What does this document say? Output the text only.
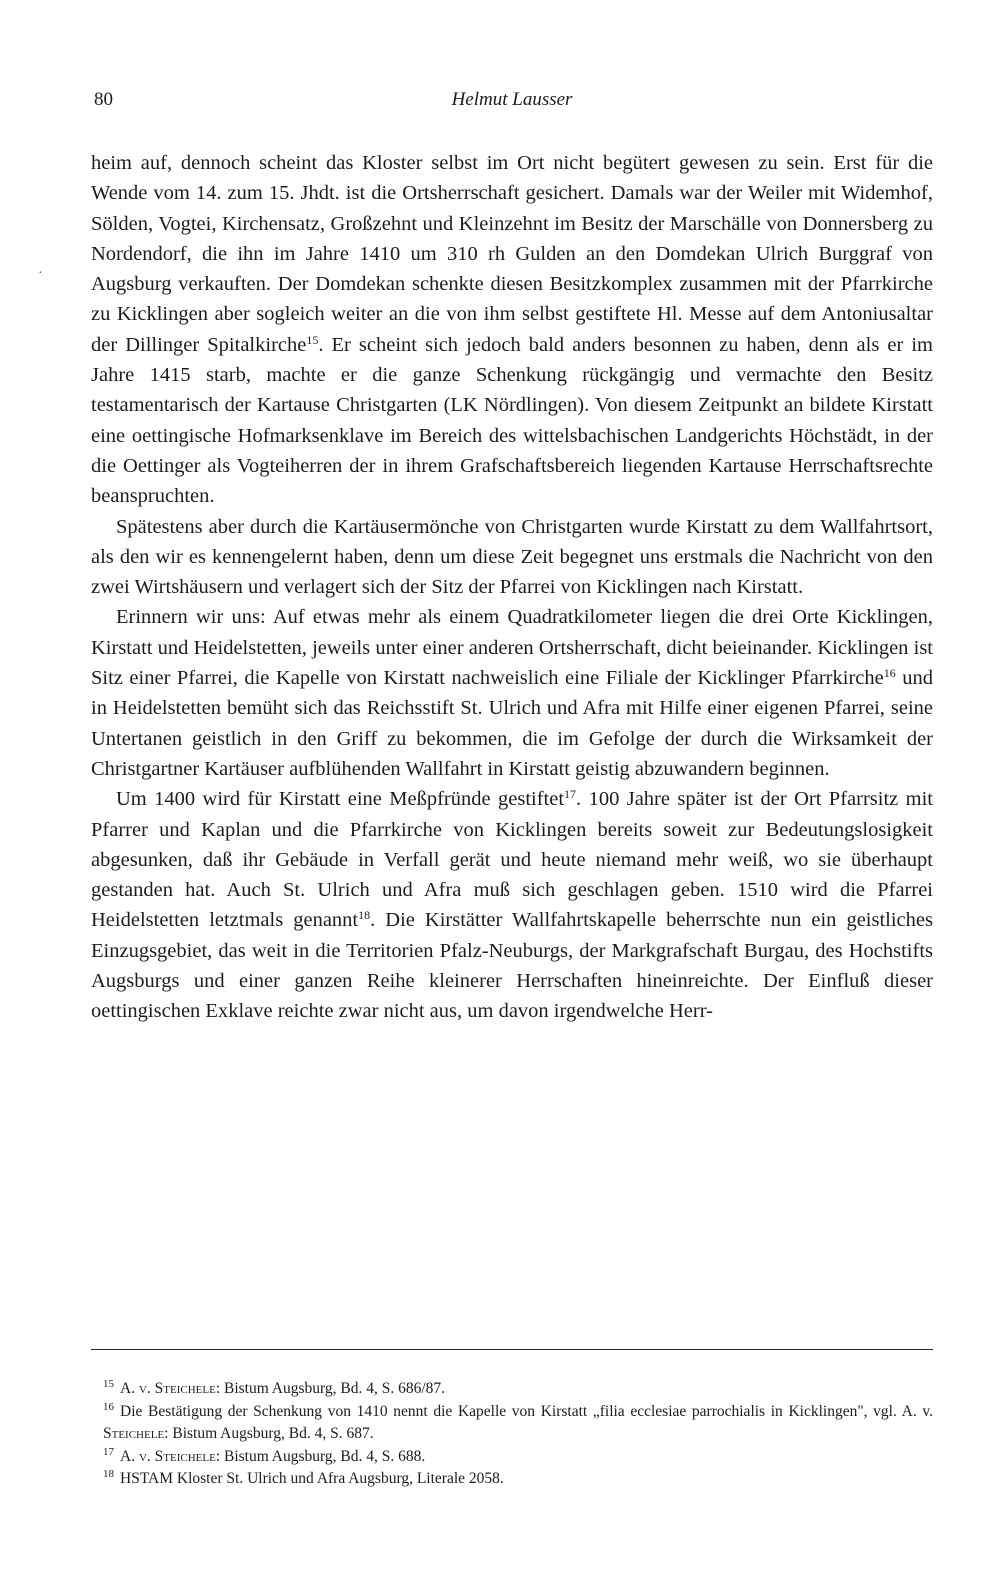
·
80	Helmut Lausser

heim auf, dennoch scheint das Kloster selbst im Ort nicht begütert gewesen zu sein. Erst für die Wende vom 14. zum 15. Jhdt. ist die Ortsherrschaft gesichert. Damals war der Weiler mit Widemhof, Sölden, Vogtei, Kirchensatz, Großzehnt und Kleinzehnt im Besitz der Marschälle von Donnersberg zu Nordendorf, die ihn im Jahre 1410 um 310 rh Gulden an den Domdekan Ulrich Burggraf von Augsburg verkauften. Der Domdekan schenkte diesen Besitzkomplex zusammen mit der Pfarrkirche zu Kicklingen aber sogleich weiter an die von ihm selbst gestiftete Hl. Messe auf dem Antoniusaltar der Dillinger Spitalkirche$^{15}$. Er scheint sich jedoch bald anders besonnen zu haben, denn als er im Jahre 1415 starb, machte er die ganze Schenkung rückgängig und vermachte den Besitz testamentarisch der Kartause Christgarten (LK Nördlingen). Von diesem Zeitpunkt an bildete Kirstatt eine oettingische Hofmarksenklave im Bereich des wittelsbachischen Landgerichts Höchstädt, in der die Oettinger als Vogteiherren der in ihrem Grafschaftsbereich liegenden Kartause Herrschaftsrechte beanspruchten.

Spätestens aber durch die Kartäusermönche von Christgarten wurde Kirstatt zu dem Wallfahrtsort, als den wir es kennengelernt haben, denn um diese Zeit begegnet uns erstmals die Nachricht von den zwei Wirtshäusern und verlagert sich der Sitz der Pfarrei von Kicklingen nach Kirstatt.

Erinnern wir uns: Auf etwas mehr als einem Quadratkilometer liegen die drei Orte Kicklingen, Kirstatt und Heidelstetten, jeweils unter einer anderen Ortsherrschaft, dicht beieinander. Kicklingen ist Sitz einer Pfarrei, die Kapelle von Kirstatt nachweislich eine Filiale der Kicklinger Pfarrkirche$^{16}$ und in Heidelstetten bemüht sich das Reichsstift St. Ulrich und Afra mit Hilfe einer eigenen Pfarrei, seine Untertanen geistlich in den Griff zu bekommen, die im Gefolge der durch die Wirksamkeit der Christgartner Kartäuser aufblühenden Wallfahrt in Kirstatt geistig abzuwandern beginnen.

Um 1400 wird für Kirstatt eine Meßpfründe gestiftet$^{17}$. 100 Jahre später ist der Ort Pfarrsitz mit Pfarrer und Kaplan und die Pfarrkirche von Kicklingen bereits soweit zur Bedeutungslosigkeit abgesunken, daß ihr Gebäude in Verfall gerät und heute niemand mehr weiß, wo sie überhaupt gestanden hat. Auch St. Ulrich und Afra muß sich geschlagen geben. 1510 wird die Pfarrei Heidelstetten letztmals genannt$^{18}$. Die Kirstätter Wallfahrtskapelle beherrschte nun ein geistliches Einzugsgebiet, das weit in die Territorien Pfalz-Neuburgs, der Markgrafschaft Burgau, des Hochstifts Augsburgs und einer ganzen Reihe kleinerer Herrschaften hineinreichte. Der Einfluß dieser oettingischen Exklave reichte zwar nicht aus, um davon irgendwelche Herr-

$^{15}$ A. v. Steichele: Bistum Augsburg, Bd. 4, S. 686/87.
$^{16}$ Die Bestätigung der Schenkung von 1410 nennt die Kapelle von Kirstatt „filia ecclesiae parrochialis in Kicklingen", vgl. A. v. Steichele: Bistum Augsburg, Bd. 4, S. 687.
$^{17}$ A. v. Steichele: Bistum Augsburg, Bd. 4, S. 688.
$^{18}$ HSTAM Kloster St. Ulrich und Afra Augsburg, Literale 2058.
